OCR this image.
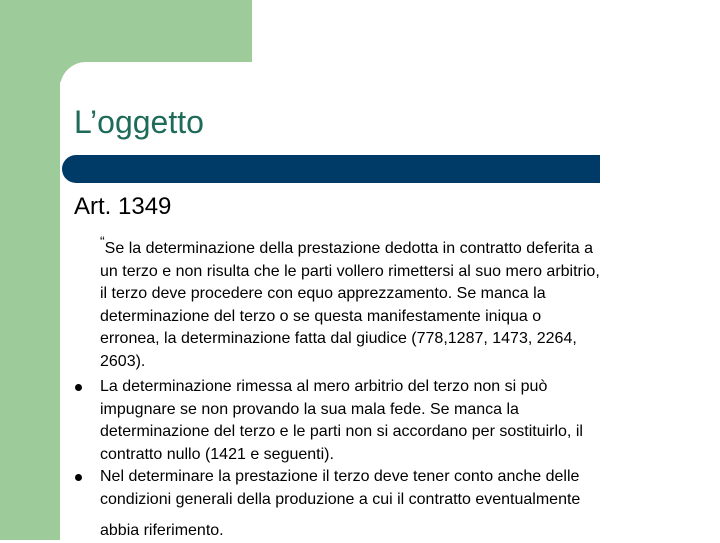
L’oggetto
Art. 1349
“Se la determinazione della prestazione dedotta in contratto deferita a
un terzo e non risulta che le parti vollero rimettersi al suo mero arbitrio,
il terzo deve procedere con equo apprezzamento. Se manca la
determinazione del terzo o se questa manifestamente iniqua o
erronea, la determinazione fatta dal giudice (778,1287, 1473, 2264,
2603).
La determinazione rimessa al mero arbitrio del terzo non si può
impugnare se non provando la sua mala fede. Se manca la
determinazione del terzo e le parti non si accordano per sostituirlo, il
contratto nullo (1421 e seguenti).
Nel determinare la prestazione il terzo deve tener conto anche delle
condizioni generali della produzione a cui il contratto eventualmente
abbia riferimento.
